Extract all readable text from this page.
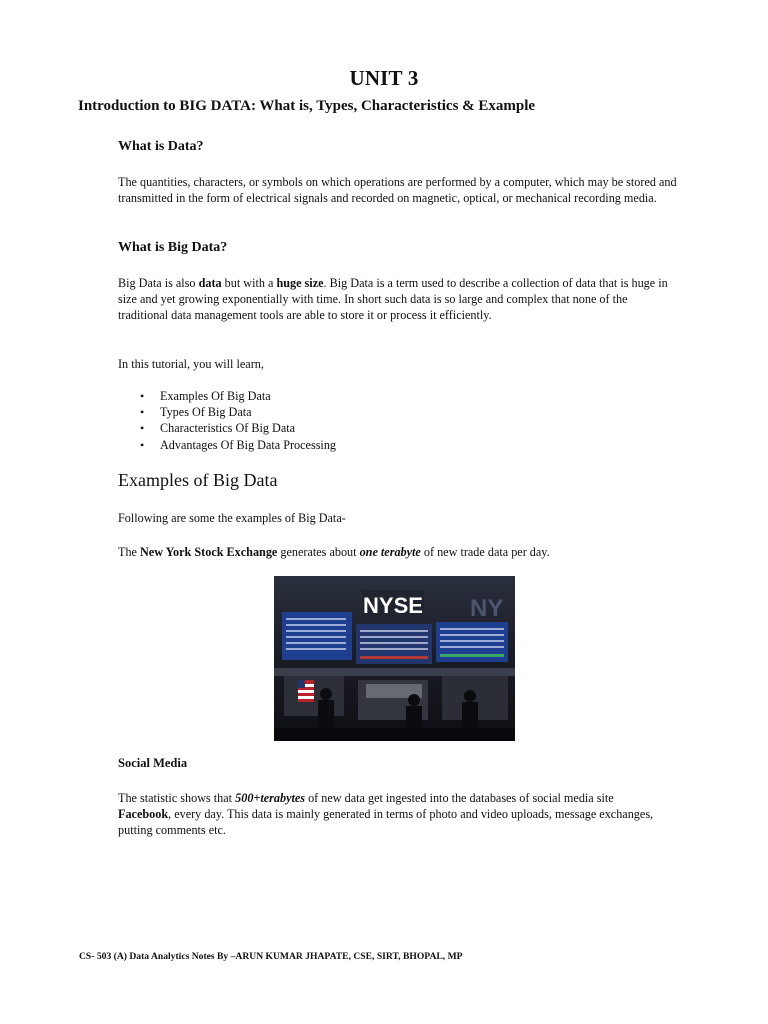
UNIT 3
Introduction to BIG DATA: What is, Types, Characteristics & Example
What is Data?
The quantities, characters, or symbols on which operations are performed by a computer, which may be stored and transmitted in the form of electrical signals and recorded on magnetic, optical, or mechanical recording media.
What is Big Data?
Big Data is also data but with a huge size. Big Data is a term used to describe a collection of data that is huge in size and yet growing exponentially with time. In short such data is so large and complex that none of the traditional data management tools are able to store it or process it efficiently.
In this tutorial, you will learn,
• Examples Of Big Data
• Types Of Big Data
• Characteristics Of Big Data
• Advantages Of Big Data Processing
Examples of Big Data
Following are some the examples of Big Data-
The New York Stock Exchange generates about one terabyte of new trade data per day.
NYSE NY
Social Media
The statistic shows that 500+terabytes of new data get ingested into the databases of social media site Facebook, every day. This data is mainly generated in terms of photo and video uploads, message exchanges, putting comments etc.
CS- 503 (A) Data Analytics Notes By –ARUN KUMAR JHAPATE, CSE, SIRT, BHOPAL, MP
